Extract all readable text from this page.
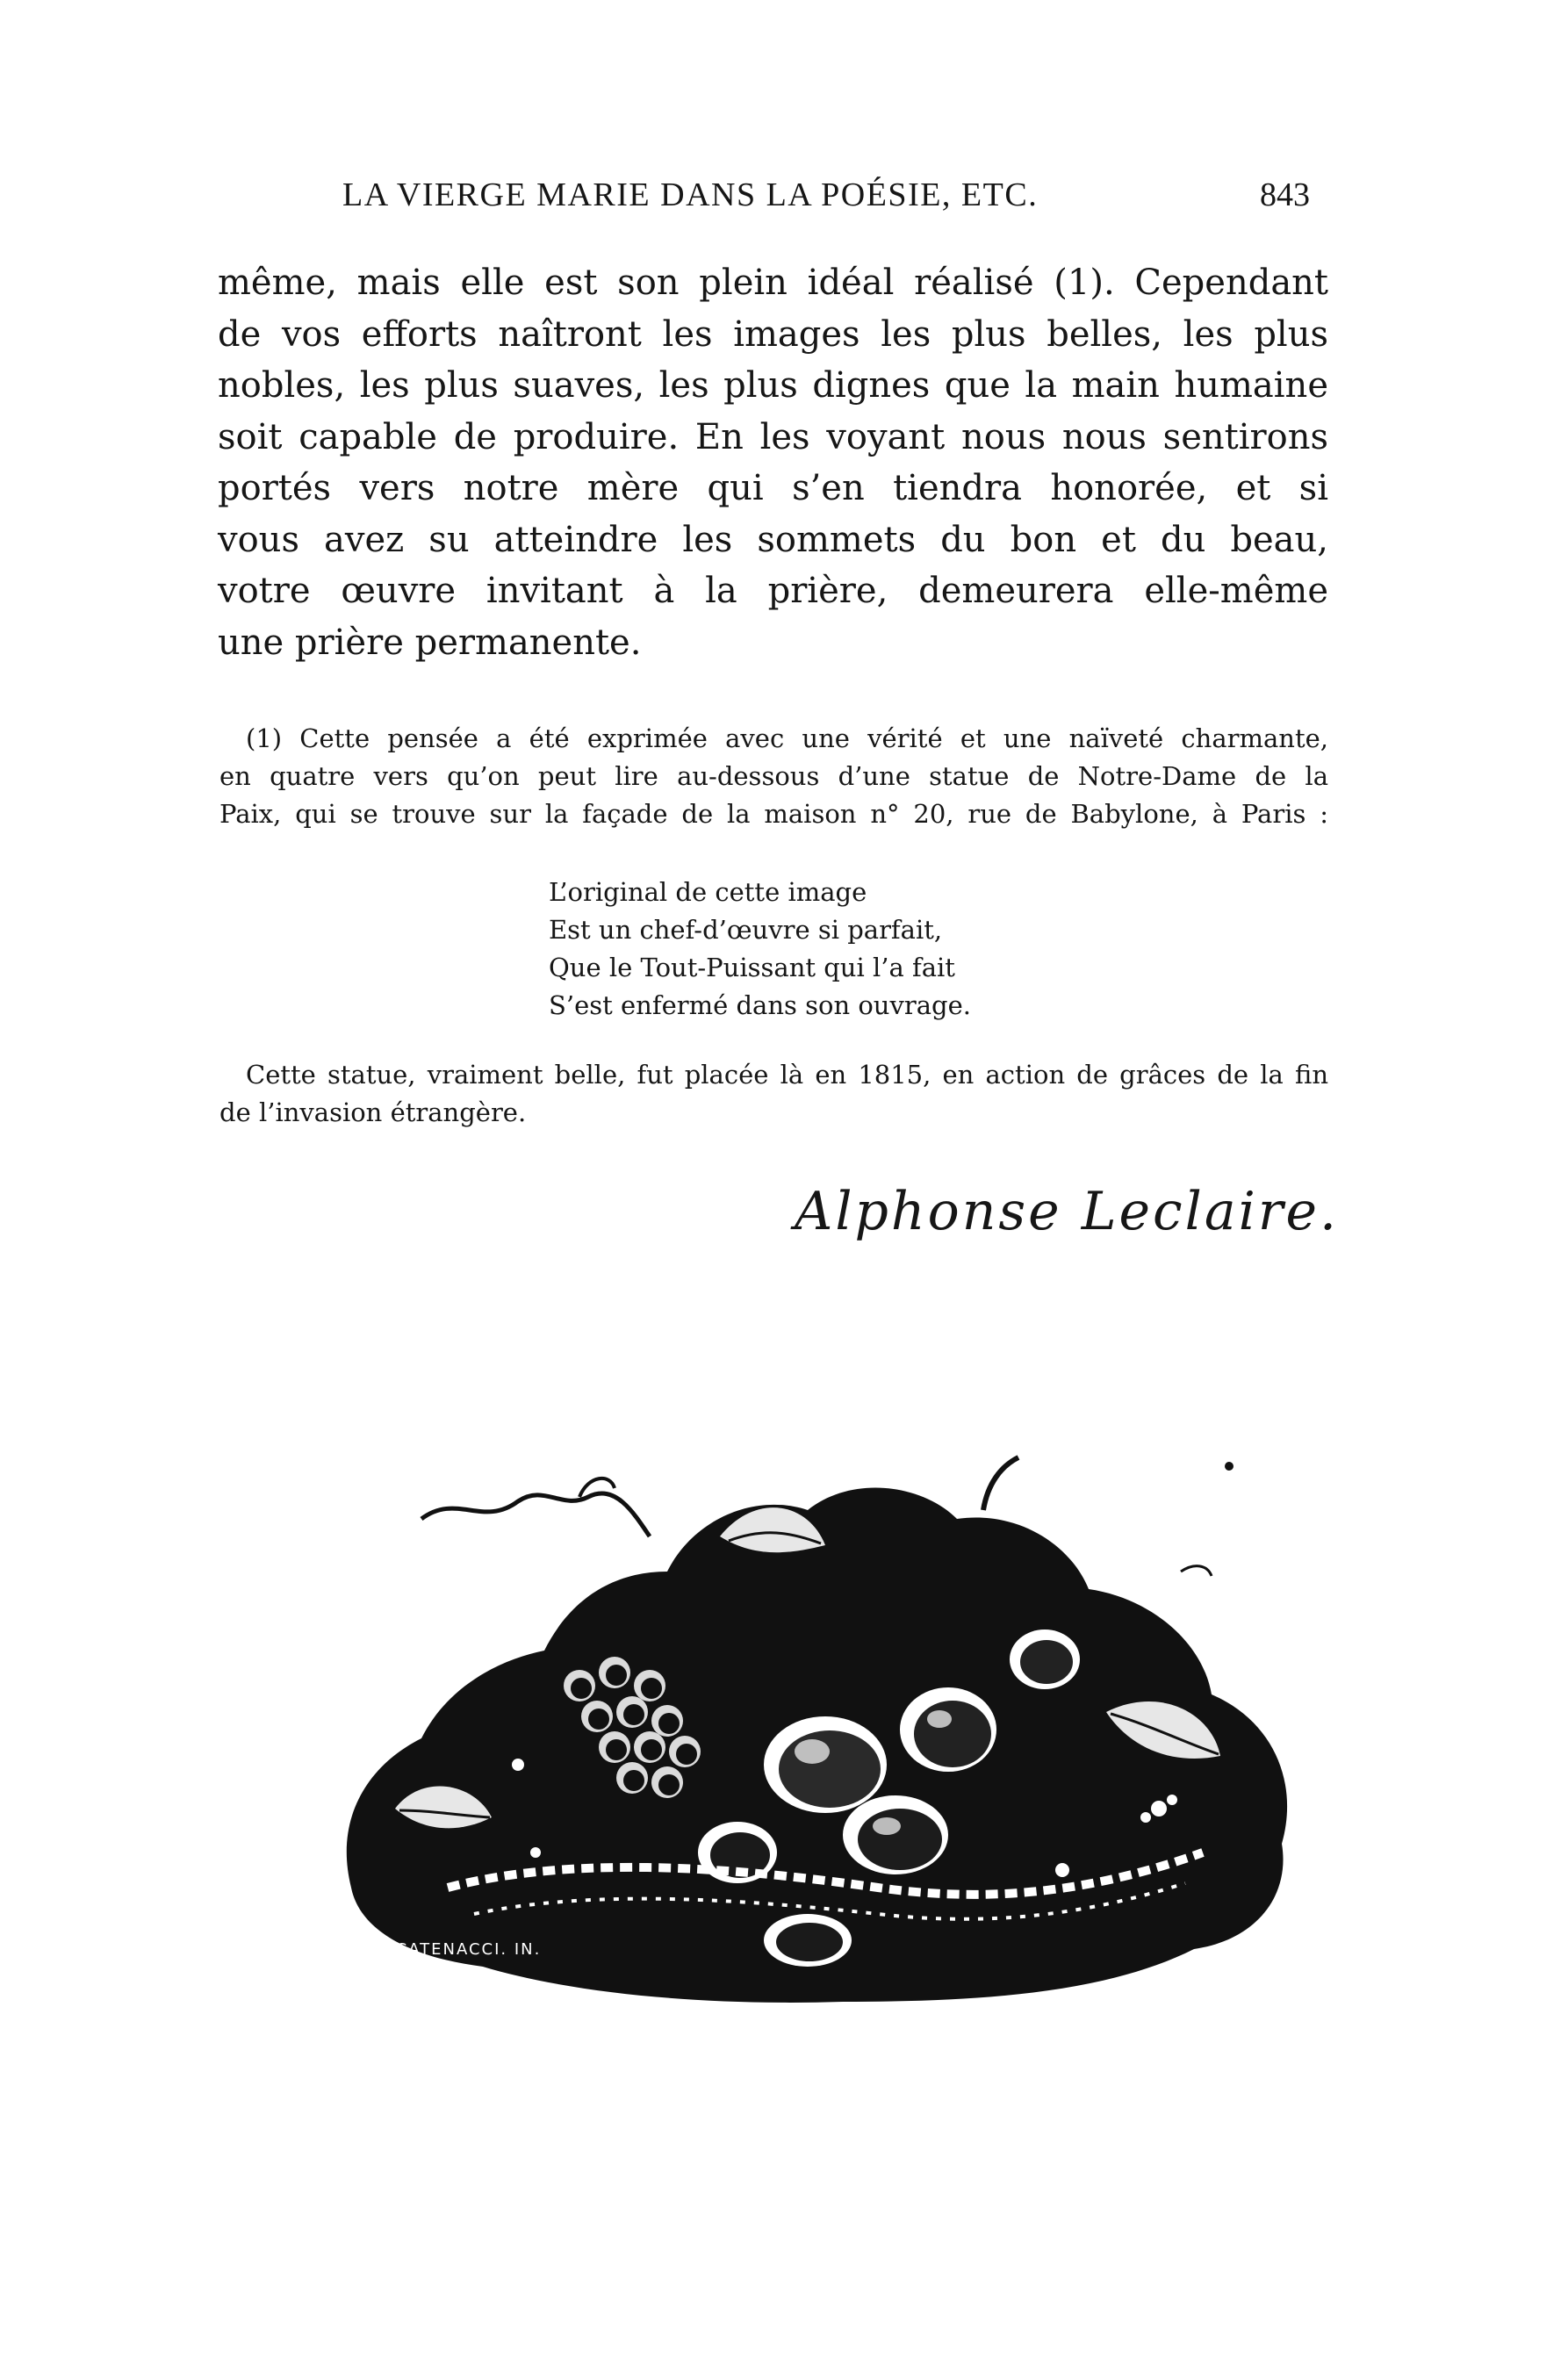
LA VIERGE MARIE DANS LA POÉSIE, ETC.	843
même, mais elle est son plein idéal réalisé (1). Cependant
de vos efforts naîtront les images les plus belles, les plus
nobles, les plus suaves, les plus dignes que la main humaine
soit capable de produire. En les voyant nous nous sentirons
portés vers notre mère qui s’en tiendra honorée, et si
vous avez su atteindre les sommets du bon et du beau,
votre œuvre invitant à la prière, demeurera elle-même
une prière permanente.
(1) Cette pensée a été exprimée avec une vérité et une naïveté charmante,
en quatre vers qu’on peut lire au-dessous d’une statue de Notre-Dame de la
Paix, qui se trouve sur la façade de la maison n° 20, rue de Babylone, à Paris :
L’original de cette image
Est un chef-d’œuvre si parfait,
Que le Tout-Puissant qui l’a fait
S’est enfermé dans son ouvrage.
Cette statue, vraiment belle, fut placée là en 1815, en action de grâces de la fin
de l’invasion étrangère.
Alphonse Leclaire.
H. CATENACCI. IN.
